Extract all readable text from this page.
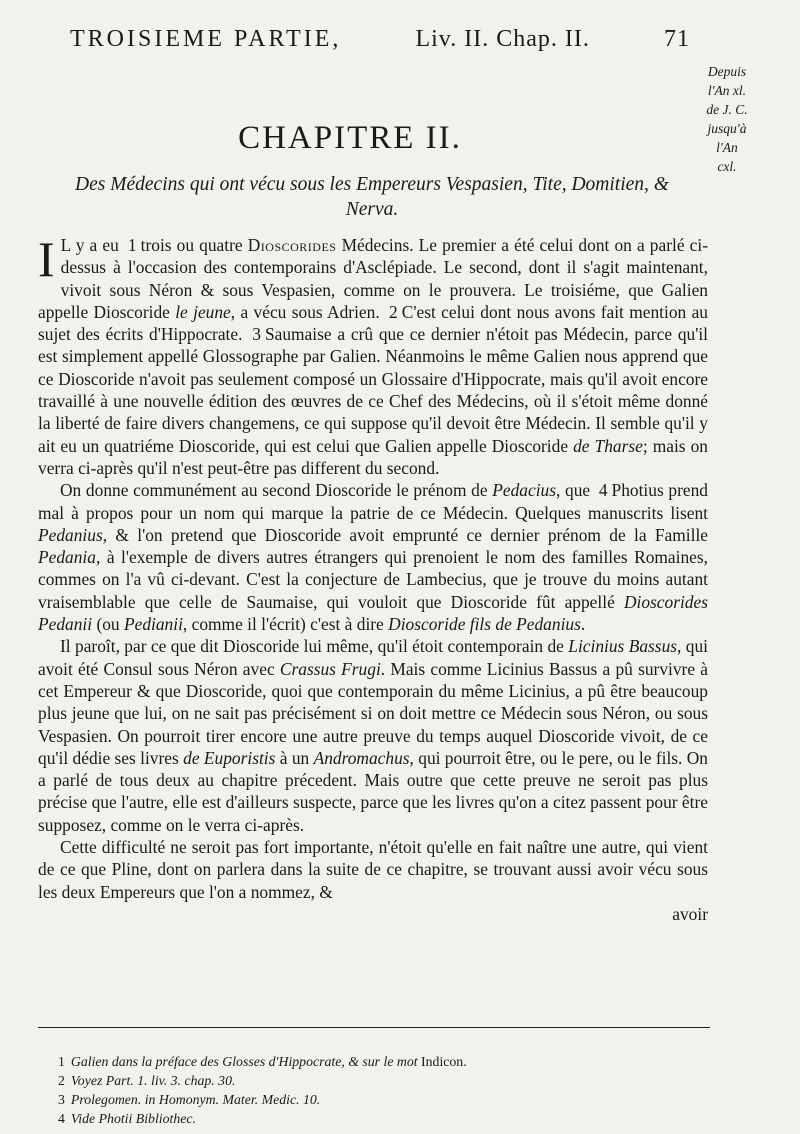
TROISIEME PARTIE,	Liv. II. Chap. II.	71
Depuis
l'An xl.
de J. C.
jusqu'à
l'An
cxl.
CHAPITRE II.
Des Médecins qui ont vécu sous les Empereurs Vespasien, Tite, Domitien, & Nerva.

I L y a eu 1 trois ou quatre Dioscorides Médecins. Le premier a été celui dont on a parlé ci-dessus à l'occasion des contemporains d'Asclépiade. Le second, dont il s'agit maintenant, vivoit sous Néron & sous Vespasien, comme on le prouvera. Le troisiéme, que Galien appelle Dioscoride le jeune, a vécu sous Adrien. 2 C'est celui dont nous avons fait mention au sujet des écrits d'Hippocrate. 3 Saumaise a crû que ce dernier n'étoit pas Médecin, parce qu'il est simplement appellé Glossographe par Galien. Néanmoins le même Galien nous apprend que ce Dioscoride n'avoit pas seulement composé un Glossaire d'Hippocrate, mais qu'il avoit encore travaillé à une nouvelle édition des œuvres de ce Chef des Médecins, où il s'étoit même donné la liberté de faire divers changemens, ce qui suppose qu'il devoit être Médecin. Il semble qu'il y ait eu un quatriéme Dioscoride, qui est celui que Galien appelle Dioscoride de Tharse; mais on verra ci-après qu'il n'est peut-être pas different du second.

On donne communément au second Dioscoride le prénom de Pedacius, que 4 Photius prend mal à propos pour un nom qui marque la patrie de ce Médecin. Quelques manuscrits lisent Pedanius, & l'on pretend que Dioscoride avoit emprunté ce dernier prénom de la Famille Pedania, à l'exemple de divers autres étrangers qui prenoient le nom des familles Romaines, commes on l'a vû ci-devant. C'est la conjecture de Lambecius, que je trouve du moins autant vraisemblable que celle de Saumaise, qui vouloit que Dioscoride fût appellé Dioscorides Pedanii (ou Pedianii, comme il l'écrit) c'est à dire Dioscoride fils de Pedanius.

Il paroît, par ce que dit Dioscoride lui même, qu'il étoit contemporain de Licinius Bassus, qui avoit été Consul sous Néron avec Crassus Frugi. Mais comme Licinius Bassus a pû survivre à cet Empereur & que Dioscoride, quoi que contemporain du même Licinius, a pû être beaucoup plus jeune que lui, on ne sait pas précisément si on doit mettre ce Médecin sous Néron, ou sous Vespasien. On pourroit tirer encore une autre preuve du temps auquel Dioscoride vivoit, de ce qu'il dédie ses livres de Euporistis à un Andromachus, qui pourroit être, ou le pere, ou le fils. On a parlé de tous deux au chapitre précedent. Mais outre que cette preuve ne seroit pas plus précise que l'autre, elle est d'ailleurs suspecte, parce que les livres qu'on a citez passent pour être supposez, comme on le verra ci-après.

Cette difficulté ne seroit pas fort importante, n'étoit qu'elle en fait naître une autre, qui vient de ce que Pline, dont on parlera dans la suite de ce chapitre, se trouvant aussi avoir vécu sous les deux Empereurs que l'on a nommez, &

avoir
1 Galien dans la préface des Glosses d'Hippocrate, & sur le mot Indicon.
2 Voyez Part. 1. liv. 3. chap. 30.
3 Prolegomen. in Homonym. Mater. Medic. 10.
4 Vide Photii Bibliothec.
